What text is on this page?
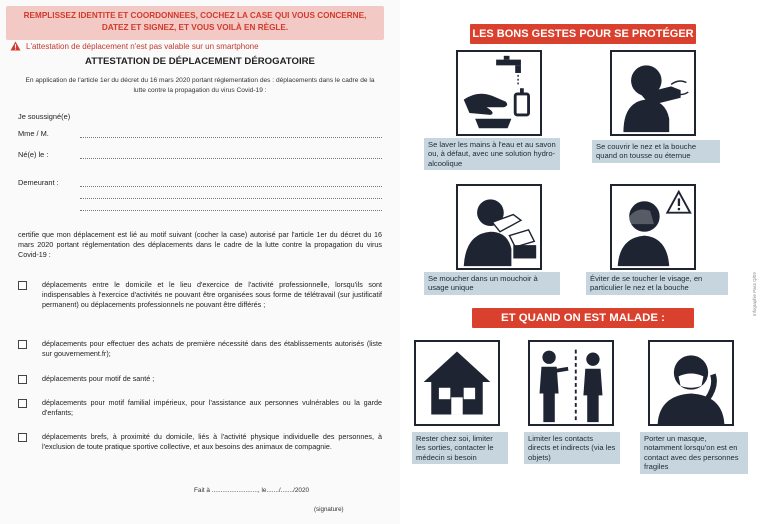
REMPLISSEZ IDENTITE ET COORDONNEES, COCHEZ LA CASE QUI VOUS CONCERNE,
DATEZ ET SIGNEZ, ET VOUS VOILÀ EN RÈGLE.
L'attestation de déplacement n'est pas valable sur un smartphone
ATTESTATION DE DÉPLACEMENT DÉROGATOIRE
En application de l'article 1er du décret du 16 mars 2020 portant réglementation des : déplacements dans le cadre de la lutte contre la propagation du virus Covid-19 :
Je soussigné(e)
Mme / M.
Né(e) le :
Demeurant :
certifie que mon déplacement est lié au motif suivant (cocher la case) autorisé par l'article 1er du décret du 16 mars 2020 portant réglementation des déplacements dans le cadre de la lutte contre la propagation du virus Covid-19 :
déplacements entre le domicile et le lieu d'exercice de l'activité professionnelle, lorsqu'ils sont indispensables à l'exercice d'activités ne pouvant être organisées sous forme de télétravail (sur justificatif permanent) ou déplacements professionnels ne pouvant être différés ;
déplacements pour effectuer des achats de première nécessité dans des établissements autorisés (liste sur gouvernement.fr);
déplacements pour motif de santé ;
déplacements pour motif familial impérieux, pour l'assistance aux personnes vulnérables ou la garde d'enfants;
déplacements brefs, à proximité du domicile, liés à l'activité physique individuelle des personnes, à l'exclusion de toute pratique sportive collective, et aux besoins des animaux de compagnie.
Fait à .........................., le......./......./2020
(signature)
LES BONS GESTES POUR SE PROTÉGER
Se laver les mains à l'eau et au savon ou, à défaut, avec une solution hydro-alcoolique
Se couvrir le nez et la bouche quand on tousse ou éternue
Se moucher dans un mouchoir à usage unique
Éviter de se toucher le visage, en particulier le nez et la bouche	Infographie Pass Q/09
ET QUAND ON EST MALADE :
Rester chez soi, limiter les sorties, contacter le médecin si besoin
Limiter les contacts directs et indirects (via les objets)
Porter un masque, notamment lorsqu'on est en contact avec des personnes fragiles
